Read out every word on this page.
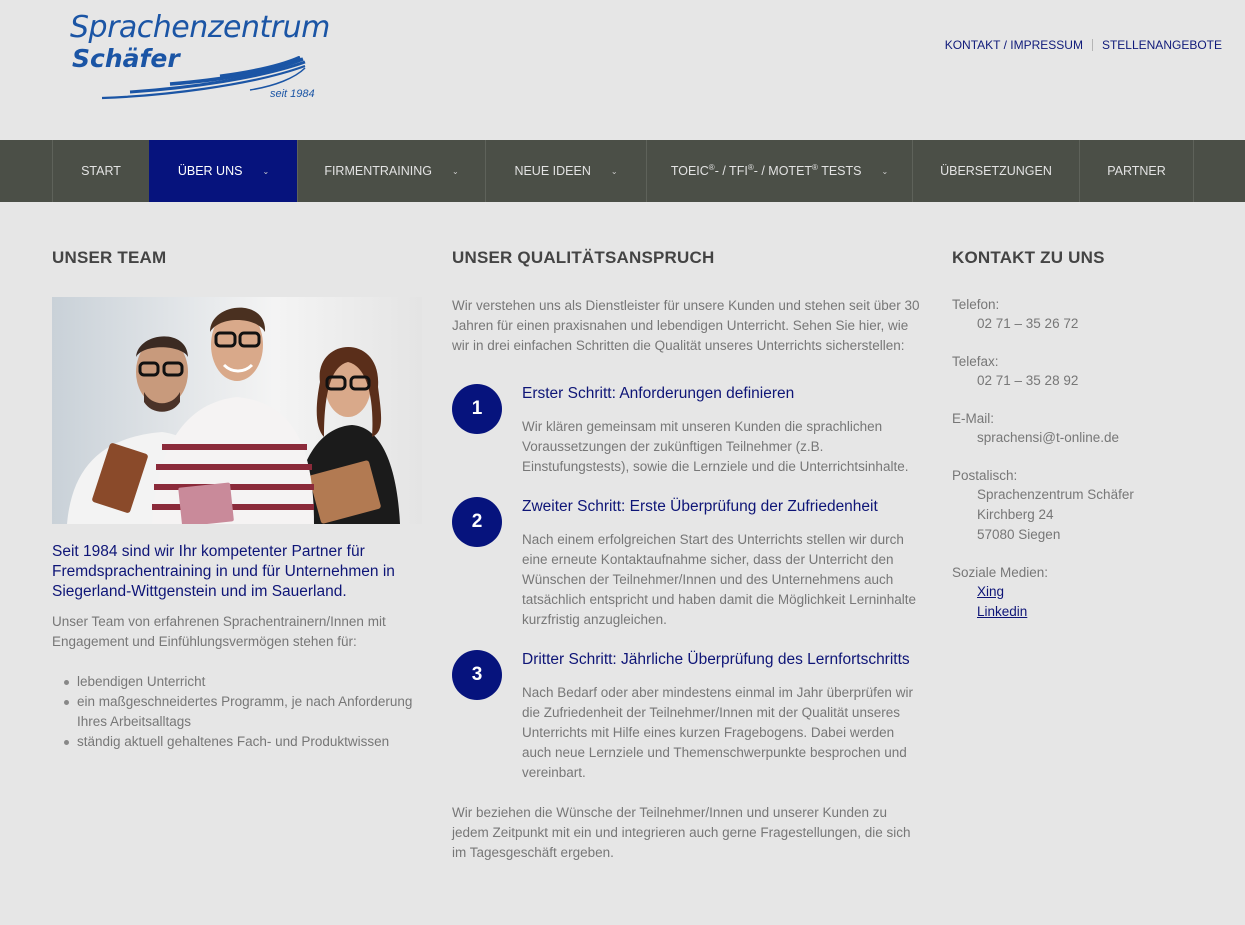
Sprachenzentrum
Schäfer
seit 1984
KONTAKT / IMPRESSUM STELLENANGEBOTE
START	ÜBER UNS	⌄	FIRMENTRAINING	⌄	NEUE IDEEN	⌄	TOEIC®- / TFI®- / MOTET® TESTS	⌄	ÜBERSETZUNGEN	PARTNER
UNSER TEAM
Seit 1984 sind wir Ihr kompetenter Partner für Fremdsprachentraining in und für Unternehmen in Siegerland-Wittgenstein und im Sauerland.
Unser Team von erfahrenen Sprachentrainern/Innen mit Engagement und Einfühlungsvermögen stehen für:
lebendigen Unterricht
ein maßgeschneidertes Programm, je nach Anforderung
Ihres Arbeitsalltags
ständig aktuell gehaltenes Fach- und Produktwissen
UNSER QUALITÄTSANSPRUCH
Wir verstehen uns als Dienstleister für unsere Kunden und stehen seit über 30 Jahren für einen praxisnahen und lebendigen Unterricht. Sehen Sie hier, wie wir in drei einfachen Schritten die Qualität unseres Unterrichts sicherstellen:
1
Erster Schritt: Anforderungen definieren
Wir klären gemeinsam mit unseren Kunden die sprachlichen Voraussetzungen der zukünftigen Teilnehmer (z.B. Einstufungstests), sowie die Lernziele und die Unterrichtsinhalte.
2
Zweiter Schritt: Erste Überprüfung der Zufriedenheit
Nach einem erfolgreichen Start des Unterrichts stellen wir durch eine erneute Kontaktaufnahme sicher, dass der Unterricht den Wünschen der Teilnehmer/Innen und des Unternehmens auch tatsächlich entspricht und haben damit die Möglichkeit Lerninhalte kurzfristig anzugleichen.
3
Dritter Schritt: Jährliche Überprüfung des Lernfortschritts
Nach Bedarf oder aber mindestens einmal im Jahr überprüfen wir die Zufriedenheit der Teilnehmer/Innen mit der Qualität unseres Unterrichts mit Hilfe eines kurzen Fragebogens. Dabei werden auch neue Lernziele und Themenschwerpunkte besprochen und vereinbart.
Wir beziehen die Wünsche der Teilnehmer/Innen und unserer Kunden zu jedem Zeitpunkt mit ein und integrieren auch gerne Fragestellungen, die sich im Tagesgeschäft ergeben.
KONTAKT ZU UNS
Telefon:
02 71 – 35 26 72
Telefax:
02 71 – 35 28 92
E-Mail:
sprachensi@t-online.de
Postalisch:
Sprachenzentrum Schäfer
Kirchberg 24
57080 Siegen
Soziale Medien:
Xing
Linkedin
